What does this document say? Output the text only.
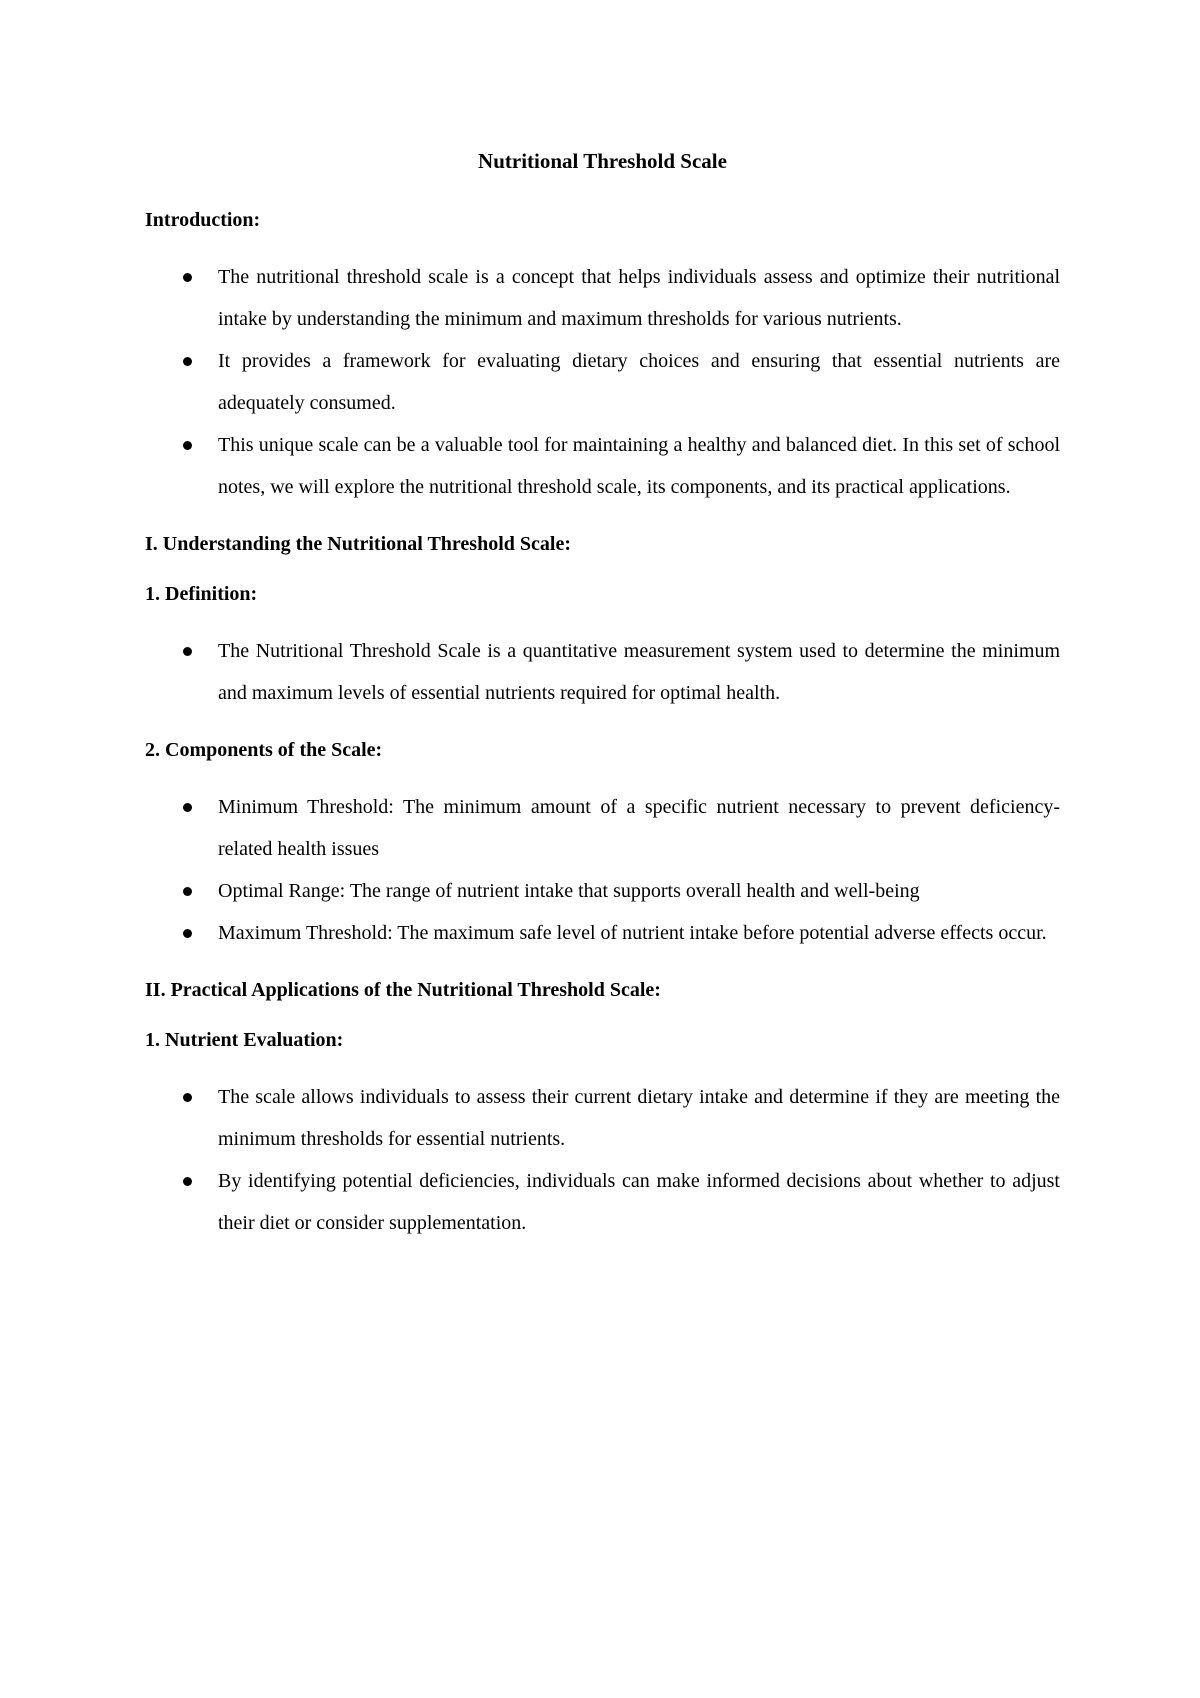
Nutritional Threshold Scale
Introduction:
The nutritional threshold scale is a concept that helps individuals assess and optimize their nutritional intake by understanding the minimum and maximum thresholds for various nutrients.
It provides a framework for evaluating dietary choices and ensuring that essential nutrients are adequately consumed.
This unique scale can be a valuable tool for maintaining a healthy and balanced diet. In this set of school notes, we will explore the nutritional threshold scale, its components, and its practical applications.
I. Understanding the Nutritional Threshold Scale:
1. Definition:
The Nutritional Threshold Scale is a quantitative measurement system used to determine the minimum and maximum levels of essential nutrients required for optimal health.
2. Components of the Scale:
Minimum Threshold: The minimum amount of a specific nutrient necessary to prevent deficiency-related health issues
Optimal Range: The range of nutrient intake that supports overall health and well-being
Maximum Threshold: The maximum safe level of nutrient intake before potential adverse effects occur.
II. Practical Applications of the Nutritional Threshold Scale:
1. Nutrient Evaluation:
The scale allows individuals to assess their current dietary intake and determine if they are meeting the minimum thresholds for essential nutrients.
By identifying potential deficiencies, individuals can make informed decisions about whether to adjust their diet or consider supplementation.
